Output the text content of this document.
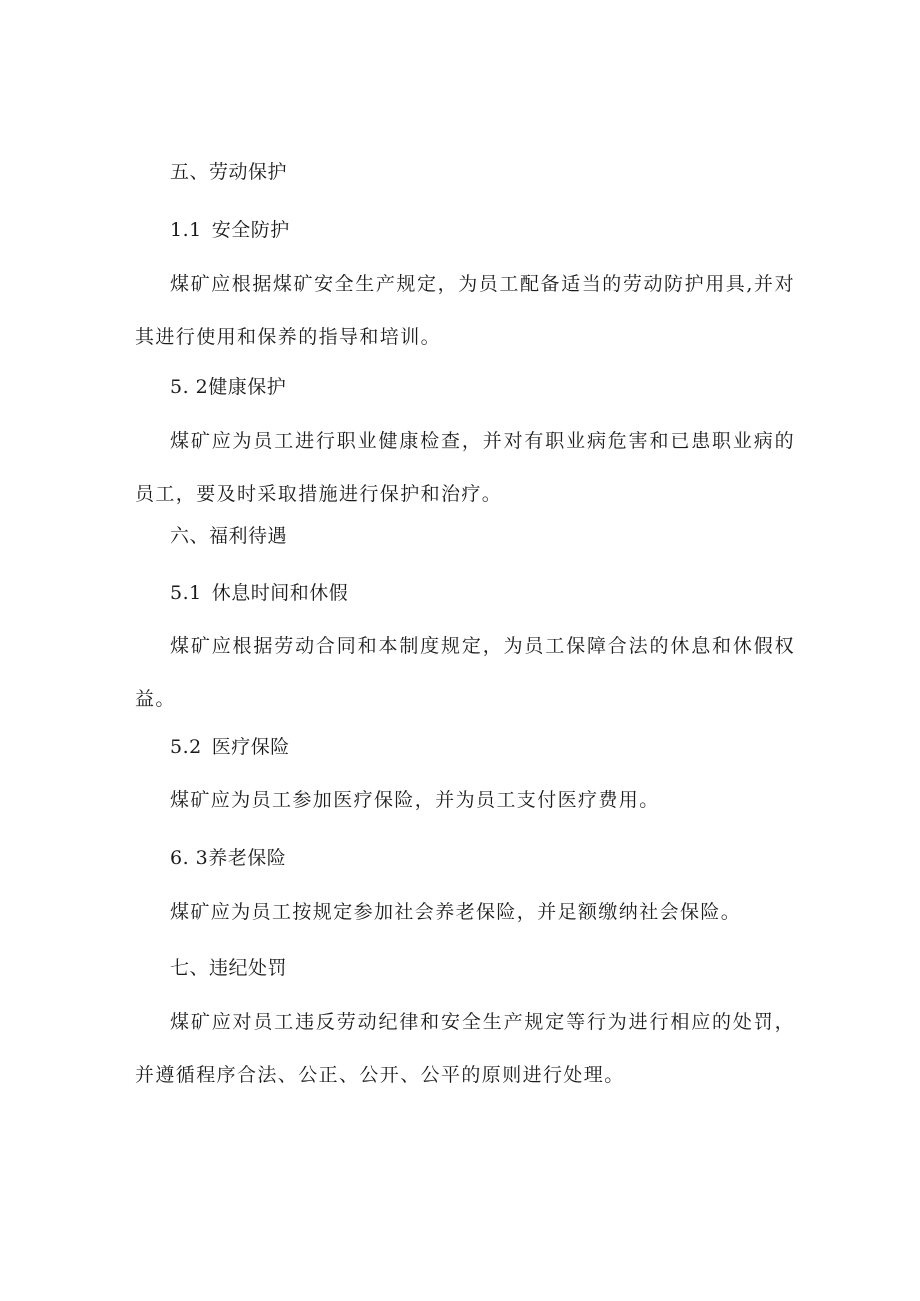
五、劳动保护

1.1 安全防护

煤矿应根据煤矿安全生产规定，为员工配备适当的劳动防护用具,并对其进行使用和保养的指导和培训。

5. 2健康保护

煤矿应为员工进行职业健康检查，并对有职业病危害和已患职业病的员工，要及时采取措施进行保护和治疗。

六、福利待遇

5.1 休息时间和休假

煤矿应根据劳动合同和本制度规定，为员工保障合法的休息和休假权益。

5.2 医疗保险

煤矿应为员工参加医疗保险，并为员工支付医疗费用。

6. 3养老保险

煤矿应为员工按规定参加社会养老保险，并足额缴纳社会保险。

七、违纪处罚

煤矿应对员工违反劳动纪律和安全生产规定等行为进行相应的处罚，并遵循程序合法、公正、公开、公平的原则进行处理。
